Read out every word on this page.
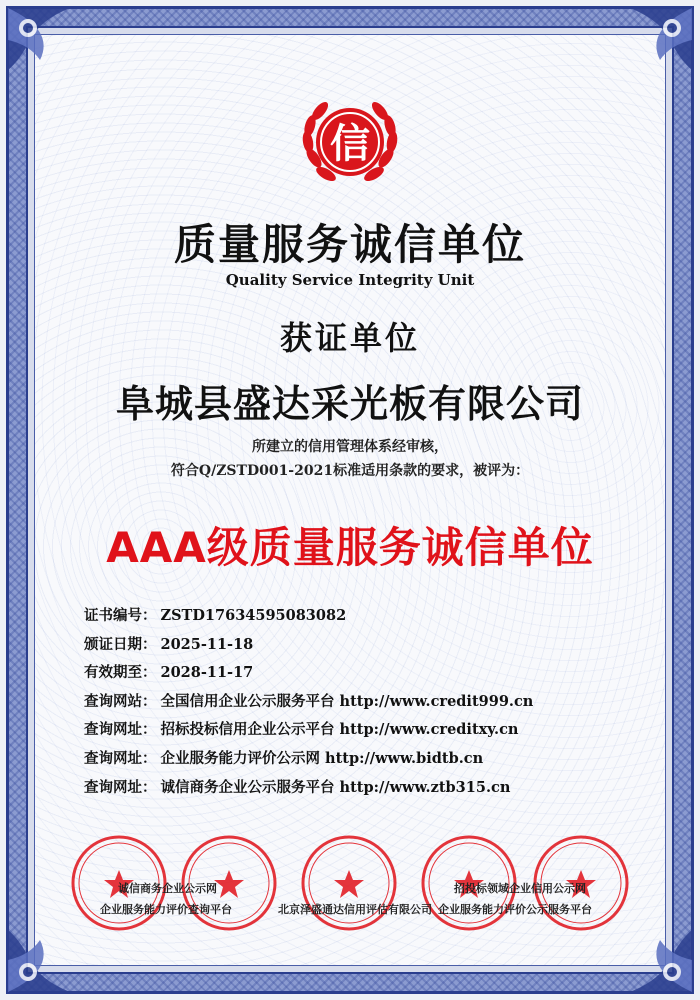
信
质量服务诚信单位
Quality Service Integrity Unit
获证单位
阜城县盛达采光板有限公司
所建立的信用管理体系经审核，
符合Q/ZSTD001-2021标准适用条款的要求，被评为：
AAA级质量服务诚信单位
证书编号： ZSTD17634595083082
颁证日期： 2025-11-18
有效期至： 2028-11-17
查询网站： 全国信用企业公示服务平台 http://www.credit999.cn
查询网址： 招标投标信用企业公示平台 http://www.creditxy.cn
查询网址： 企业服务能力评价公示网 http://www.bidtb.cn
查询网址： 诚信商务企业公示服务平台 http://www.ztb315.cn
诚信商务企业公示网
企业服务能力评价查询平台	北京泽盛通达信用评估有限公司
招投标领域企业信用公示网
企业服务能力评价公示服务平台
